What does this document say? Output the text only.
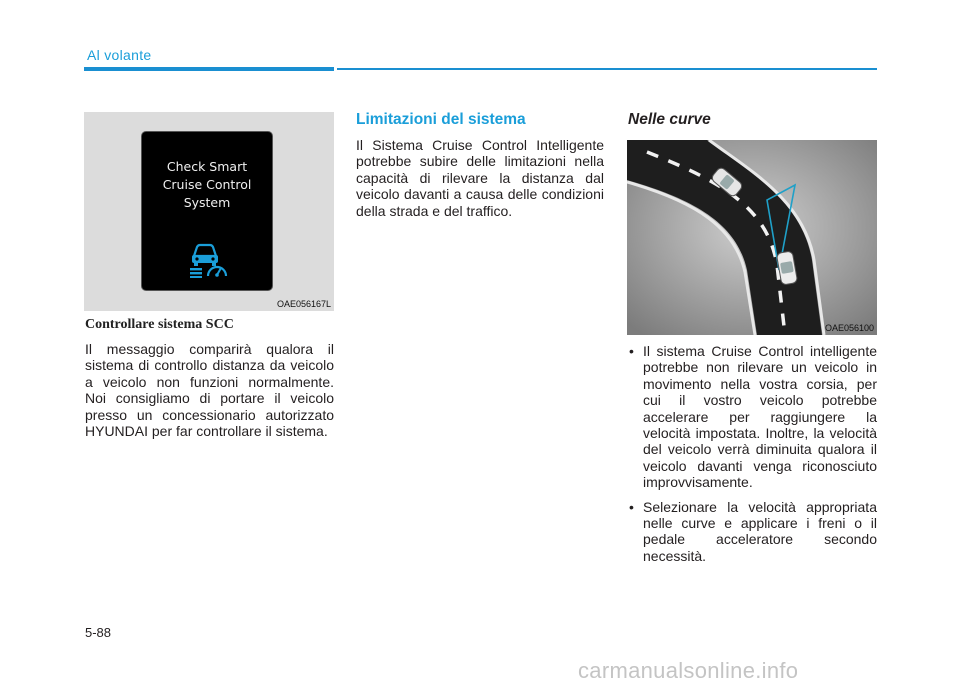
Al volante
Check Smart
Cruise Control
System
OAE056167L
Controllare sistema SCC
Il messaggio comparirà qualora il sistema di controllo distanza da veicolo a veicolo non funzioni normalmente. Noi consigliamo di portare il veicolo presso un concessionario autorizzato HYUNDAI per far controllare il sistema.
Limitazioni del sistema
Il Sistema Cruise Control Intelligente potrebbe subire delle limitazioni nella capacità di rilevare la distanza dal veicolo davanti a causa delle condizioni della strada e del traffico.
Nelle curve
OAE056100
• Il sistema Cruise Control intelligente potrebbe non rilevare un veicolo in movimento nella vostra corsia, per cui il vostro veicolo potrebbe accelerare per raggiungere la velocità impostata. Inoltre, la velocità del veicolo verrà diminuita qualora il veicolo davanti venga riconosciuto improvvisamente.
• Selezionare la velocità appropriata nelle curve e applicare i freni o il pedale acceleratore secondo necessità.
5-88
carmanualsonline.info
